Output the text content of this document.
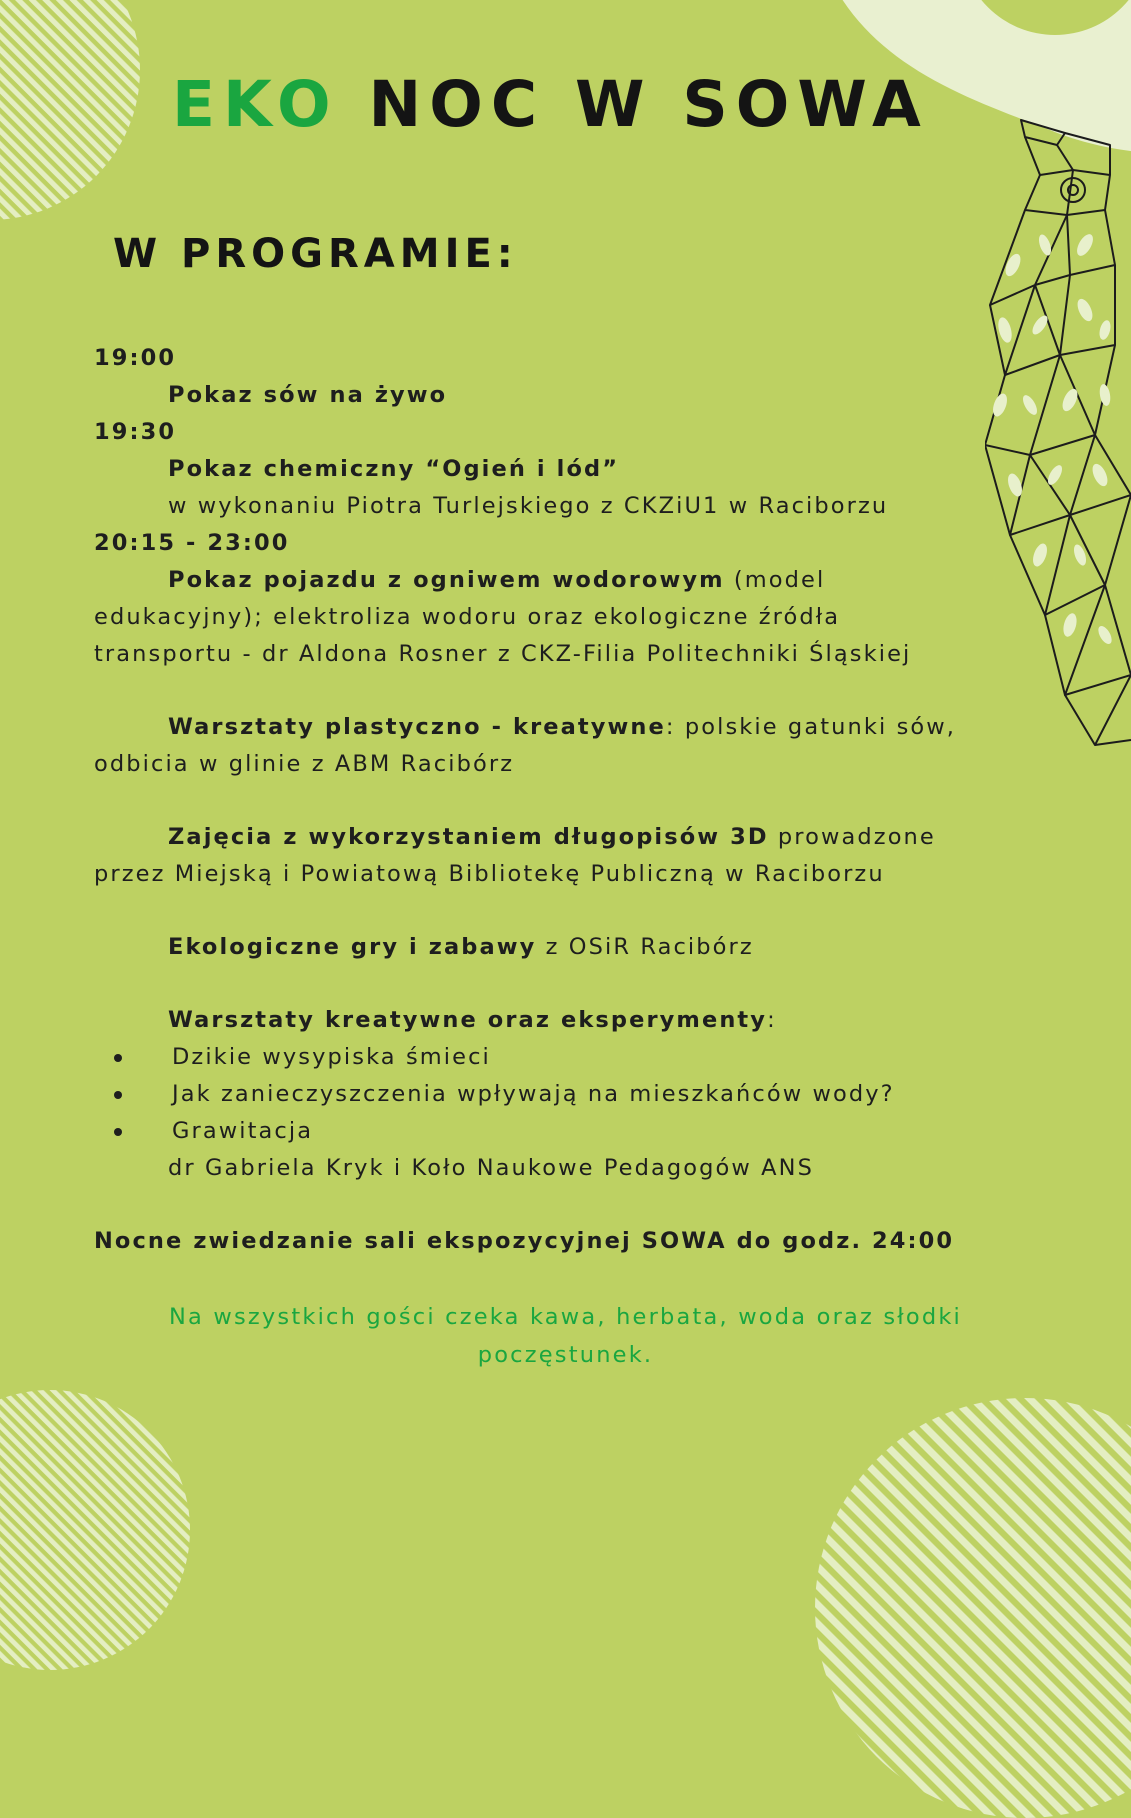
EKO NOC W SOWA
W PROGRAMIE:
19:00
Pokaz sów na żywo
19:30
Pokaz chemiczny “Ogień i lód”
w wykonaniu Piotra Turlejskiego z CKZiU1 w Raciborzu
20:15 - 23:00
Pokaz pojazdu z ogniwem wodorowym (model
edukacyjny); elektroliza wodoru oraz ekologiczne źródła
transportu - dr Aldona Rosner z CKZ-Filia Politechniki Śląskiej
Warsztaty plastyczno - kreatywne: polskie gatunki sów,
odbicia w glinie z ABM Racibórz
Zajęcia z wykorzystaniem długopisów 3D prowadzone
przez Miejską i Powiatową Bibliotekę Publiczną w Raciborzu
Ekologiczne gry i zabawy z OSiR Racibórz
Warsztaty kreatywne oraz eksperymenty:
Dzikie wysypiska śmieci
Jak zanieczyszczenia wpływają na mieszkańców wody?
Grawitacja
dr Gabriela Kryk i Koło Naukowe Pedagogów ANS
Nocne zwiedzanie sali ekspozycyjnej SOWA do godz. 24:00
Na wszystkich gości czeka kawa, herbata, woda oraz słodki
poczęstunek.
